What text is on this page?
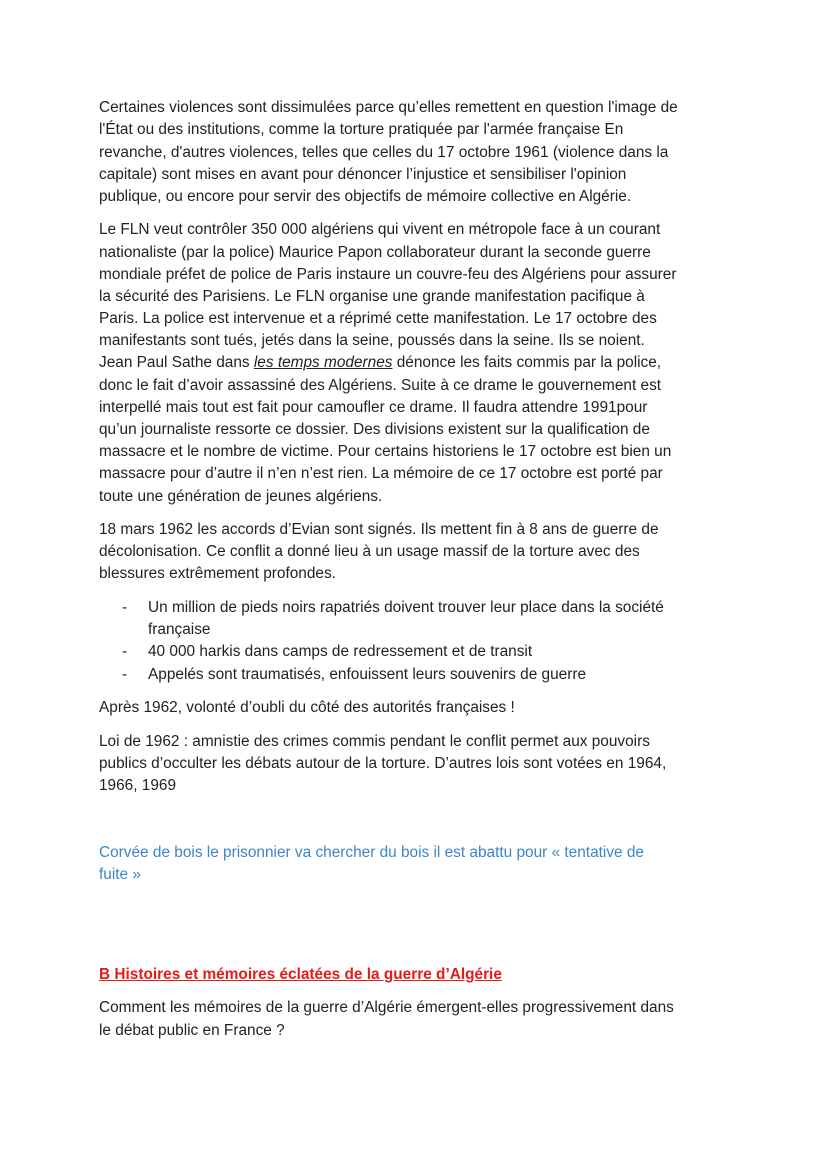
Certaines violences sont dissimulées parce qu’elles remettent en question l'image de
l'État ou des institutions, comme la torture pratiquée par l'armée française En
revanche, d'autres violences, telles que celles du 17 octobre 1961 (violence dans la
capitale) sont mises en avant pour dénoncer l’injustice et sensibiliser l'opinion
publique, ou encore pour servir des objectifs de mémoire collective en Algérie.
Le FLN veut contrôler 350 000 algériens qui vivent en métropole face à un courant
nationaliste (par la police) Maurice Papon collaborateur durant la seconde guerre
mondiale préfet de police de Paris instaure un couvre-feu des Algériens pour assurer
la sécurité des Parisiens. Le FLN organise une grande manifestation pacifique à
Paris. La police est intervenue et a réprimé cette manifestation. Le 17 octobre des
manifestants sont tués, jetés dans la seine, poussés dans la seine. Ils se noient.
Jean Paul Sathe dans les temps modernes dénonce les faits commis par la police,
donc le fait d’avoir assassiné des Algériens. Suite à ce drame le gouvernement est
interpellé mais tout est fait pour camoufler ce drame. Il faudra attendre 1991pour
qu’un journaliste ressorte ce dossier. Des divisions existent sur la qualification de
massacre et le nombre de victime. Pour certains historiens le 17 octobre est bien un
massacre pour d’autre il n’en n’est rien. La mémoire de ce 17 octobre est porté par
toute une génération de jeunes algériens.
18 mars 1962 les accords d’Evian sont signés. Ils mettent fin à 8 ans de guerre de
décolonisation. Ce conflit a donné lieu à un usage massif de la torture avec des
blessures extrêmement profondes.
- Un million de pieds noirs rapatriés doivent trouver leur place dans la société
française
- 40 000 harkis dans camps de redressement et de transit
- Appelés sont traumatisés, enfouissent leurs souvenirs de guerre
Après 1962, volonté d’oubli du côté des autorités françaises !
Loi de 1962 : amnistie des crimes commis pendant le conflit permet aux pouvoirs
publics d’occulter les débats autour de la torture. D’autres lois sont votées en 1964,
1966, 1969
Corvée de bois le prisonnier va chercher du bois il est abattu pour « tentative de
fuite »
B Histoires et mémoires éclatées de la guerre d’Algérie
Comment les mémoires de la guerre d’Algérie émergent-elles progressivement dans
le débat public en France ?
